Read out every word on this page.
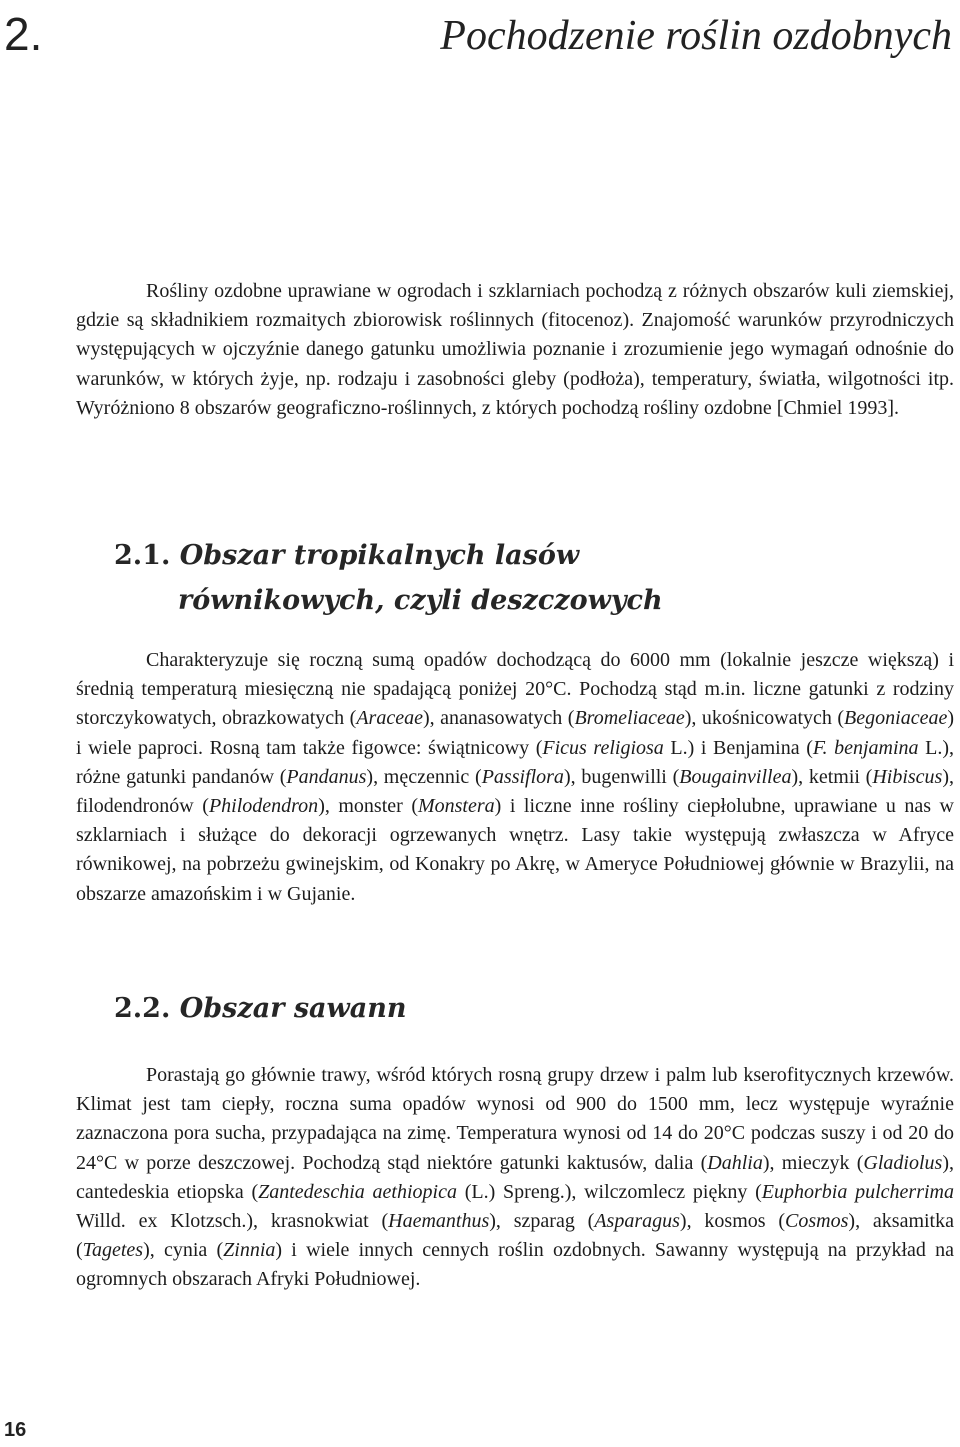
2.	Pochodzenie roślin ozdobnych

Rośliny ozdobne uprawiane w ogrodach i szklarniach pochodzą z różnych obszarów kuli ziemskiej, gdzie są składnikiem rozmaitych zbiorowisk roślinnych (fitocenoz). Znajomość warunków przyrodniczych występujących w ojczyźnie danego gatunku umożliwia poznanie i zrozumienie jego wymagań odnośnie do warunków, w których żyje, np. rodzaju i zasobności gleby (podłoża), temperatury, światła, wilgotności itp. Wyróżniono 8 obszarów geograficzno-roślinnych, z których pochodzą rośliny ozdobne [Chmiel 1993].

2.1. Obszar tropikalnych lasów
równikowych, czyli deszczowych

Charakteryzuje się roczną sumą opadów dochodzącą do 6000 mm (lokalnie jeszcze większą) i średnią temperaturą miesięczną nie spadającą poniżej 20°C. Pochodzą stąd m.in. liczne gatunki z rodziny storczykowatych, obrazkowatych (Araceae), ananasowatych (Bromeliaceae), ukośnicowatych (Begoniaceae) i wiele paproci. Rosną tam także figowce: świątnicowy (Ficus religiosa L.) i Benjamina (F. benjamina L.), różne gatunki pandanów (Pandanus), męczennic (Passiflora), bugenwilli (Bougainvillea), ketmii (Hibiscus), filodendronów (Philodendron), monster (Monstera) i liczne inne rośliny ciepłolubne, uprawiane u nas w szklarniach i służące do dekoracji ogrzewanych wnętrz. Lasy takie występują zwłaszcza w Afryce równikowej, na pobrzeżu gwinejskim, od Konakry po Akrę, w Ameryce Południowej głównie w Brazylii, na obszarze amazońskim i w Gujanie.

2.2. Obszar sawann

Porastają go głównie trawy, wśród których rosną grupy drzew i palm lub kserofitycznych krzewów. Klimat jest tam ciepły, roczna suma opadów wynosi od 900 do 1500 mm, lecz występuje wyraźnie zaznaczona pora sucha, przypadająca na zimę. Temperatura wynosi od 14 do 20°C podczas suszy i od 20 do 24°C w porze deszczowej. Pochodzą stąd niektóre gatunki kaktusów, dalia (Dahlia), mieczyk (Gladiolus), cantedeskia etiopska (Zantedeschia aethiopica (L.) Spreng.), wilczomlecz piękny (Euphorbia pulcherrima Willd. ex Klotzsch.), krasnokwiat (Haemanthus), szparag (Asparagus), kosmos (Cosmos), aksamitka (Tagetes), cynia (Zinnia) i wiele innych cennych roślin ozdobnych. Sawanny występują na przykład na ogromnych obszarach Afryki Południowej.

16
